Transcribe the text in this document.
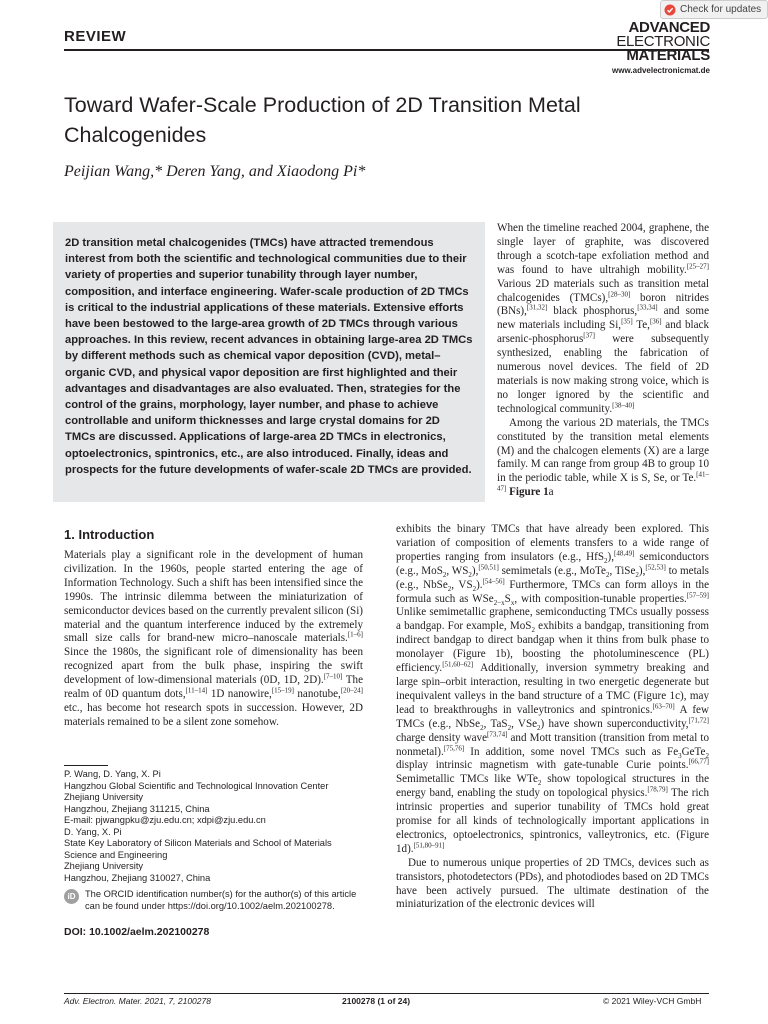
REVIEW
Check for updates
ADVANCED
ELECTRONIC
MATERIALS
www.advelectronicmat.de
Toward Wafer-Scale Production of 2D Transition Metal Chalcogenides
Peijian Wang,* Deren Yang, and Xiaodong Pi*
2D transition metal chalcogenides (TMCs) have attracted tremendous interest from both the scientific and technological communities due to their variety of properties and superior tunability through layer number, composition, and interface engineering. Wafer-scale production of 2D TMCs is critical to the industrial applications of these materials. Extensive efforts have been bestowed to the large-area growth of 2D TMCs through various approaches. In this review, recent advances in obtaining large-area 2D TMCs by different methods such as chemical vapor deposition (CVD), metal–organic CVD, and physical vapor deposition are first highlighted and their advantages and disadvantages are also evaluated. Then, strategies for the control of the grains, morphology, layer number, and phase to achieve controllable and uniform thicknesses and large crystal domains for 2D TMCs are discussed. Applications of large-area 2D TMCs in electronics, optoelectronics, spintronics, etc., are also introduced. Finally, ideas and prospects for the future developments of wafer-scale 2D TMCs are provided.

When the timeline reached 2004, graphene, the single layer of graphite, was discovered through a scotch-tape exfoliation method and was found to have ultrahigh mobility.[25–27] Various 2D materials such as transition metal chalcogenides (TMCs),[28–30] boron nitrides (BNs),[31,32] black phosphorus,[33,34] and some new materials including Si,[35] Te,[36] and black arsenic-phosphorus[37] were subsequently synthesized, enabling the fabrication of numerous novel devices. The field of 2D materials is now making strong voice, which is no longer ignored by the scientific and technological community.[38–40]

Among the various 2D materials, the TMCs constituted by the transition metal elements (M) and the chalcogen elements (X) are a large family. M can range from group 4B to group 10 in the periodic table, while X is S, Se, or Te.[41–47] Figure 1a

exhibits the binary TMCs that have already been explored. This variation of composition of elements transfers to a wide range of properties ranging from insulators (e.g., HfS$_2$),[48,49] semiconductors (e.g., MoS$_2$, $WS_2),[50,51]$ semimetals (e.g., MoTe$_2$, TiSe$_2$),[52,53] to metals (e.g., NbSe$_2$, $VS_2).[54-56]$ Furthermore, TMCs can form alloys in the formula such as $WSe_{2-x}S_x$, with composition-tunable properties.[57–59] Unlike semimetallic graphene, semiconducting TMCs usually possess a bandgap. For example, MoS$_2$ exhibits a bandgap, transitioning from indirect bandgap to direct bandgap when it thins from bulk phase to monolayer (Figure 1b), boosting the photoluminescence (PL) efficiency.[51,60–62] Additionally, inversion symmetry breaking and large spin–orbit interaction, resulting in two energetic degenerate but inequivalent valleys in the band structure of a TMC (Figure 1c), may lead to breakthroughs in valleytronics and spintronics.[63–70] A few TMCs (e.g., NbSe$_2$, TaS$_2$, VSe$_2$) have shown superconductivity,[71,72] charge density wave[73,74] and Mott transition (transition from metal to nonmetal).[75,76] In addition, some novel TMCs such as $Fe_3GeTe_2$ display intrinsic magnetism with gate-tunable Curie points.[66,77] Semimetallic TMCs like WTe$_2$ show topological structures in the energy band, enabling the study on topological physics.[78,79] The rich intrinsic properties and superior tunability of TMCs hold great promise for all kinds of technologically important applications in electronics, optoelectronics, spintronics, valleytronics, etc. (Figure 1d).[51,80–91]

Due to numerous unique properties of 2D TMCs, devices such as transistors, photodetectors (PDs), and photodiodes based on 2D TMCs have been actively pursued. The ultimate destination of the miniaturization of the electronic devices will

1. Introduction

Materials play a significant role in the development of human civilization. In the 1960s, people started entering the age of Information Technology. Such a shift has been intensified since the 1990s. The intrinsic dilemma between the miniaturization of semiconductor devices based on the currently prevalent silicon (Si) material and the quantum interference induced by the extremely small size calls for brand-new micro–nanoscale materials.[1–6] Since the 1980s, the significant role of dimensionality has been recognized apart from the bulk phase, inspiring the swift development of low-dimensional materials (0D, 1D, 2D).[7–10] The realm of 0D quantum dots,[11–14] 1D nanowire,[15–19] nanotube,[20–24] etc., has become hot research spots in succession. However, 2D materials remained to be a silent zone somehow.

P. Wang, D. Yang, X. Pi
Hangzhou Global Scientific and Technological Innovation Center
Zhejiang University
Hangzhou, Zhejiang 311215, China
E-mail: pjwangpku@zju.edu.cn; xdpi@zju.edu.cn
D. Yang, X. Pi
State Key Laboratory of Silicon Materials and School of Materials
Science and Engineering
Zhejiang University
Hangzhou, Zhejiang 310027, China
iD	The ORCID identification number(s) for the author(s) of this article can be found under https://doi.org/10.1002/aelm.202100278.
DOI: 10.1002/aelm.202100278
Adv. Electron. Mater. 2021, 7, 2100278	2100278 (1 of 24)	© 2021 Wiley-VCH GmbH
